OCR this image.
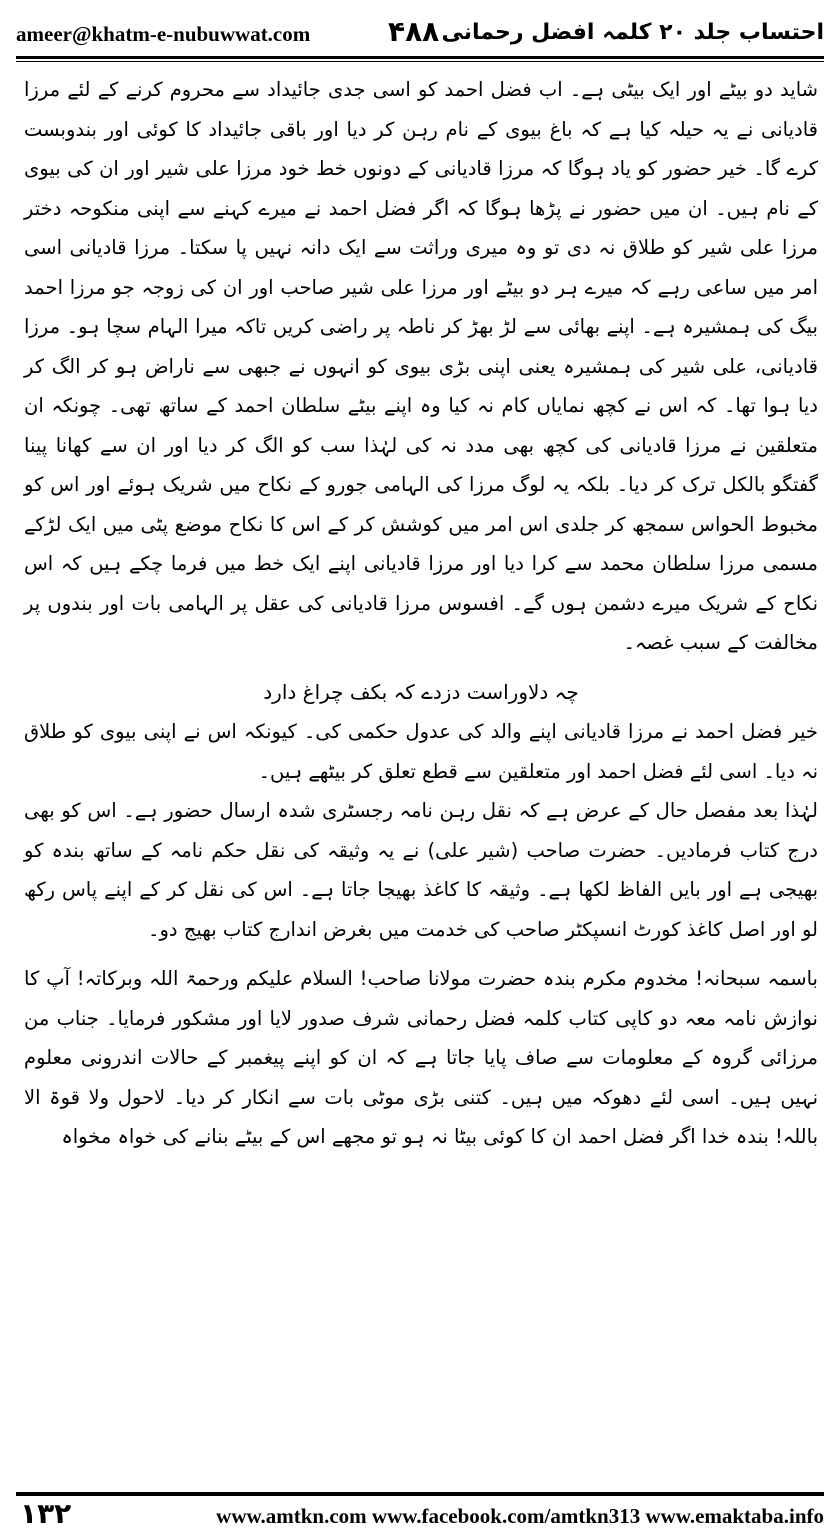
ameer@khatm-e-nubuwwat.com	۴۸۸ احتساب جلد ۲۰ کلمہ افضل رحمانی

شاید دو بیٹے اور ایک بیٹی ہے۔ اب فضل احمد کو اسی جدی جائیداد سے محروم کرنے کے لئے مرزا قادیانی نے یہ حیلہ کیا ہے کہ باغ بیوی کے نام رہن کر دیا اور باقی جائیداد کا کوئی اور بندوبست کرے گا۔ خیر حضور کو یاد ہوگا کہ مرزا قادیانی کے دونوں خط خود مرزا علی شیر اور ان کی بیوی کے نام ہیں۔ ان میں حضور نے پڑھا ہوگا کہ اگر فضل احمد نے میرے کہنے سے اپنی منکوحہ دختر مرزا علی شیر کو طلاق نہ دی تو وہ میری وراثت سے ایک دانہ نہیں پا سکتا۔ مرزا قادیانی اسی امر میں ساعی رہے کہ میرے ہر دو بیٹے اور مرزا علی شیر صاحب اور ان کی زوجہ جو مرزا احمد بیگ کی ہمشیرہ ہے۔ اپنے بھائی سے لڑ بھڑ کر ناطہ پر راضی کریں تاکہ میرا الہام سچا ہو۔ مرزا قادیانی، علی شیر کی ہمشیرہ یعنی اپنی بڑی بیوی کو انہوں نے جبھی سے ناراض ہو کر الگ کر دیا ہوا تھا۔ کہ اس نے کچھ نمایاں کام نہ کیا وہ اپنے بیٹے سلطان احمد کے ساتھ تھی۔ چونکہ ان متعلقین نے مرزا قادیانی کی کچھ بھی مدد نہ کی لہٰذا سب کو الگ کر دیا اور ان سے کھانا پینا گفتگو بالکل ترک کر دیا۔ بلکہ یہ لوگ مرزا کی الہامی جورو کے نکاح میں شریک ہوئے اور اس کو مخبوط الحواس سمجھ کر جلدی اس امر میں کوشش کر کے اس کا نکاح موضع پٹی میں ایک لڑکے مسمی مرزا سلطان محمد سے کرا دیا اور مرزا قادیانی اپنے ایک خط میں فرما چکے ہیں کہ اس نکاح کے شریک میرے دشمن ہوں گے۔ افسوس مرزا قادیانی کی عقل پر الہامی بات اور بندوں پر مخالفت کے سبب غصہ۔

چہ دلاوراست دزدے کہ بکف چراغ دارد

خیر فضل احمد نے مرزا قادیانی اپنے والد کی عدول حکمی کی۔ کیونکہ اس نے اپنی بیوی کو طلاق نہ دیا۔ اسی لئے فضل احمد اور متعلقین سے قطع تعلق کر بیٹھے ہیں۔

لہٰذا بعد مفصل حال کے عرض ہے کہ نقل رہن نامہ رجسٹری شدہ ارسال حضور ہے۔ اس کو بھی درج کتاب فرمادیں۔ حضرت صاحب (شیر علی) نے یہ وثیقہ کی نقل حکم نامہ کے ساتھ بندہ کو بھیجی ہے اور بایں الفاظ لکھا ہے۔ وثیقہ کا کاغذ بھیجا جاتا ہے۔ اس کی نقل کر کے اپنے پاس رکھ لو اور اصل کاغذ کورٹ انسپکٹر صاحب کی خدمت میں بغرض اندارج کتاب بھیج دو۔

باسمہ سبحانہ! مخدوم مکرم بندہ حضرت مولانا صاحب! السلام علیکم ورحمۃ اللہ وبرکاتہ! آپ کا نوازش نامہ معہ دو کاپی کتاب کلمہ فضل رحمانی شرف صدور لایا اور مشکور فرمایا۔ جناب من مرزائی گروہ کے معلومات سے صاف پایا جاتا ہے کہ ان کو اپنے پیغمبر کے حالات اندرونی معلوم نہیں ہیں۔ اسی لئے دھوکہ میں ہیں۔ کتنی بڑی موٹی بات سے انکار کر دیا۔ لاحول ولا قوۃ الا باللہ! بندہ خدا اگر فضل احمد ان کا کوئی بیٹا نہ ہو تو مجھے اس کے بیٹے بنانے کی خواہ مخواہ

۱۳۲	www.amtkn.com www.facebook.com/amtkn313 www.emaktaba.info
